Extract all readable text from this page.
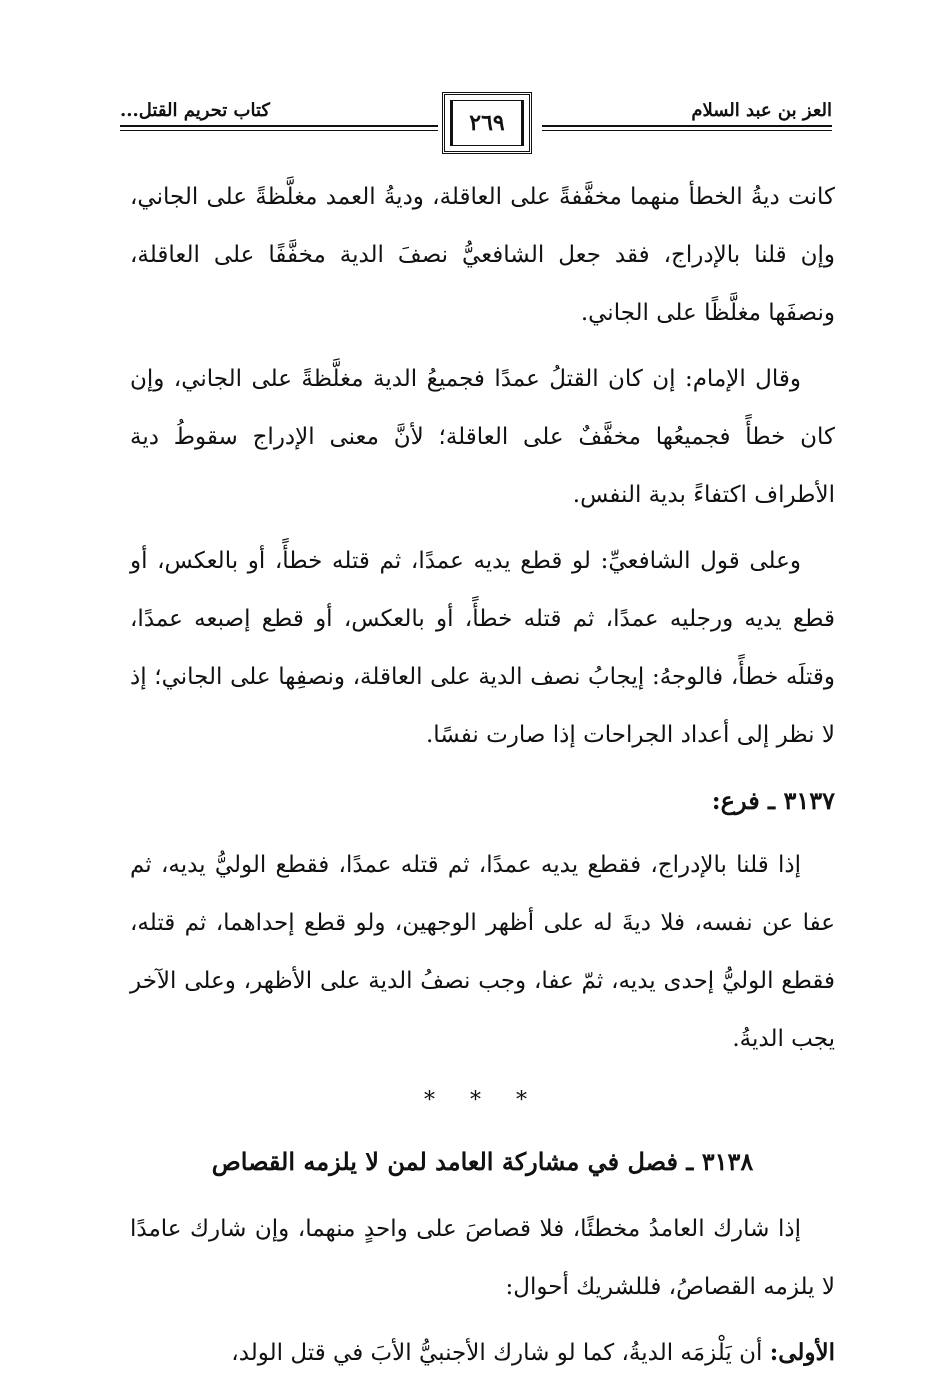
العز بن عبد السلام
٢٦٩
كتاب تحريم القتل...

كانت ديةُ الخطأ منهما مخفَّفةً على العاقلة، وديةُ العمد مغلَّظةً على الجاني، وإن قلنا بالإدراج، فقد جعل الشافعيُّ نصفَ الدية مخفَّفًا على العاقلة، ونصفَها مغلَّظًا على الجاني.

وقال الإمام: إن كان القتلُ عمدًا فجميعُ الدية مغلَّظةً على الجاني، وإن كان خطأً فجميعُها مخفَّفٌ على العاقلة؛ لأنَّ معنى الإدراج سقوطُ دية الأطراف اكتفاءً بدية النفس.

وعلى قول الشافعيِّ: لو قطع يديه عمدًا، ثم قتله خطأً، أو بالعكس، أو قطع يديه ورجليه عمدًا، ثم قتله خطأً، أو بالعكس، أو قطع إصبعه عمدًا، وقتلَه خطأً، فالوجهُ: إيجابُ نصف الدية على العاقلة، ونصفِها على الجاني؛ إذ لا نظر إلى أعداد الجراحات إذا صارت نفسًا.

٣١٣٧ ـ فرع:

إذا قلنا بالإدراج، فقطع يديه عمدًا، ثم قتله عمدًا، فقطع الوليُّ يديه، ثم عفا عن نفسه، فلا ديةَ له على أظهر الوجهين، ولو قطع إحداهما، ثم قتله، فقطع الوليُّ إحدى يديه، ثمّ عفا، وجب نصفُ الدية على الأظهر، وعلى الآخر يجب الديةُ.

* * *
٣١٣٨ ـ فصل في مشاركة العامد لمن لا يلزمه القصاص

إذا شارك العامدُ مخطئًا، فلا قصاصَ على واحدٍ منهما، وإن شارك عامدًا لا يلزمه القصاصُ، فللشريك أحوال:

الأولى: أن يَلْزمَه الديةُ، كما لو شارك الأجنبيُّ الأبَ في قتل الولد،
